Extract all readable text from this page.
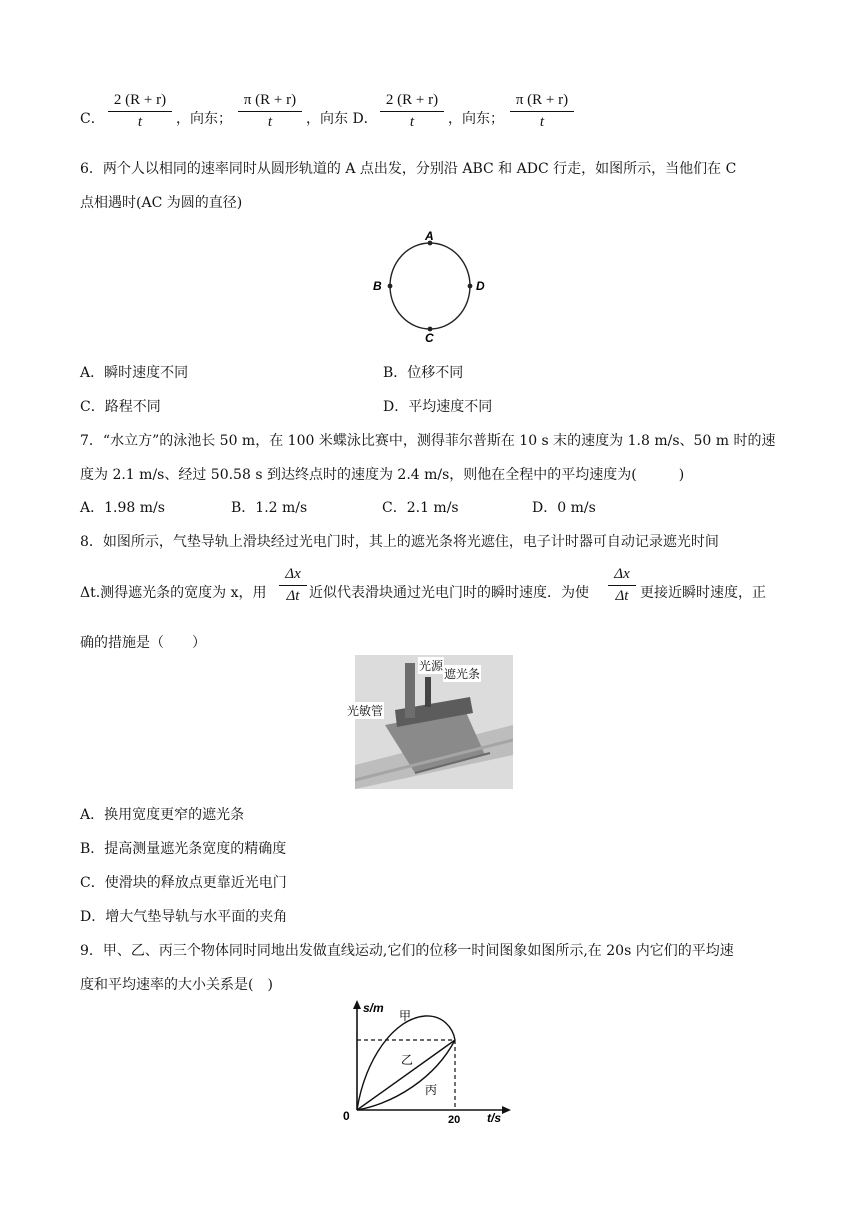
C． $\frac{2 (R + r)}{t}$ ，向东； $\frac{\pi (R + r)}{t}$ ，向东 D． $\frac{2 (R + r)}{t}$ ，向东； $\frac{\pi (R + r)}{t}$
6．两个人以相同的速率同时从圆形轨道的 A 点出发，分别沿 ABC 和 ADC 行走，如图所示，当他们在 C
点相遇时(AC 为圆的直径)
A
B
C
D
A．瞬时速度不同	B．位移不同
C．路程不同	D．平均速度不同
7．“水立方”的泳池长 50 m，在 100 米蝶泳比赛中，测得菲尔普斯在 10 s 末的速度为 1.8 m/s、50 m 时的速
度为 2.1 m/s、经过 50.58 s 到达终点时的速度为 2.4 m/s，则他在全程中的平均速度为(　　　)
A．1.98 m/s	B．1.2 m/s	C．2.1 m/s	D．0 m/s
8．如图所示，气垫导轨上滑块经过光电门时，其上的遮光条将光遮住，电子计时器可自动记录遮光时间
Δt.测得遮光条的宽度为 x，用 $\frac{\Delta x}{\Delta t}$ 近似代表滑块通过光电门时的瞬时速度．为使 $\frac{\Delta x}{\Delta t}$ 更接近瞬时速度，正
确的措施是（　　）
光源
遮光条
光敏管
A．换用宽度更窄的遮光条
B．提高测量遮光条宽度的精确度
C．使滑块的释放点更靠近光电门
D．增大气垫导轨与水平面的夹角
9．甲、乙、丙三个物体同时同地出发做直线运动,它们的位移一时间图象如图所示,在 20s 内它们的平均速
度和平均速率的大小关系是(　)
s/m
t/s
0	20
甲
乙
丙
